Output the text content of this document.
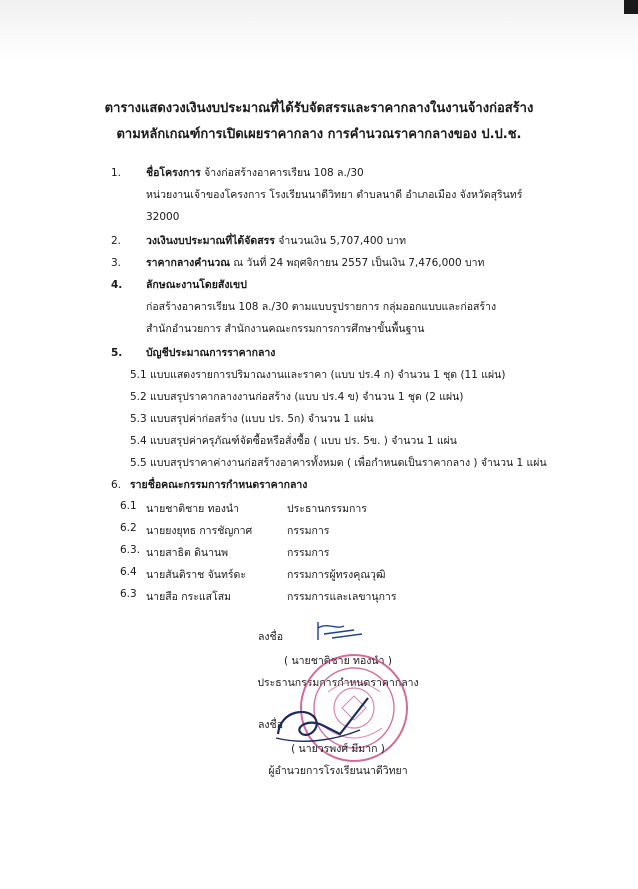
ตารางแสดงวงเงินงบประมาณที่ได้รับจัดสรรและราคากลางในงานจ้างก่อสร้าง
ตามหลักเกณฑ์การเปิดเผยราคากลาง การคำนวณราคากลางของ ป.ป.ช.
1. ชื่อโครงการ จ้างก่อสร้างอาคารเรียน 108 ล./30
หน่วยงานเจ้าของโครงการ โรงเรียนนาดีวิทยา ตำบลนาดี อำเภอเมือง จังหวัดสุรินทร์
32000
2. วงเงินงบประมาณที่ได้จัดสรร จำนวนเงิน 5,707,400 บาท
3. ราคากลางคำนวณ ณ วันที่ 24 พฤศจิกายน 2557 เป็นเงิน 7,476,000 บาท
4. ลักษณะงานโดยสังเขป
ก่อสร้างอาคารเรียน 108 ล./30 ตามแบบรูปรายการ กลุ่มออกแบบและก่อสร้าง
สำนักอำนวยการ สำนักงานคณะกรรมการการศึกษาขั้นพื้นฐาน
5. บัญชีประมาณการราคากลาง
5.1 แบบแสดงรายการปริมาณงานและราคา (แบบ ปร.4 ก) จำนวน 1 ชุด (11 แผ่น)
5.2 แบบสรุปราคากลางงานก่อสร้าง (แบบ ปร.4 ข) จำนวน 1 ชุด (2 แผ่น)
5.3 แบบสรุปค่าก่อสร้าง (แบบ ปร. 5ก) จำนวน 1 แผ่น
5.4 แบบสรุปค่าครุภัณฑ์จัดซื้อหรือสั่งซื้อ ( แบบ ปร. 5ข. ) จำนวน 1 แผ่น
5.5 แบบสรุปราคาค่างานก่อสร้างอาคารทั้งหมด ( เพื่อกำหนดเป็นราคากลาง ) จำนวน 1 แผ่น
6. รายชื่อคณะกรรมการกำหนดราคากลาง
6.1 นายชาติชาย ทองนำ	ประธานกรรมการ
6.2 นายยงยุทธ การชัญกาศ	กรรมการ
6.3. นายสาธิต ดินานพ	กรรมการ
6.4 นายสันติราช จันทร์ดะ	กรรมการผู้ทรงคุณวุฒิ
6.3 นายสือ กระแสโสม	กรรมการและเลขานุการ
ลงชื่อ
( นายชาติชาย ทองนำ )
ประธานกรรมการกำหนดราคากลาง
ลงชื่อ
( นายวรพงศ์ มีมาก )
ผู้อำนวยการโรงเรียนนาดีวิทยา
